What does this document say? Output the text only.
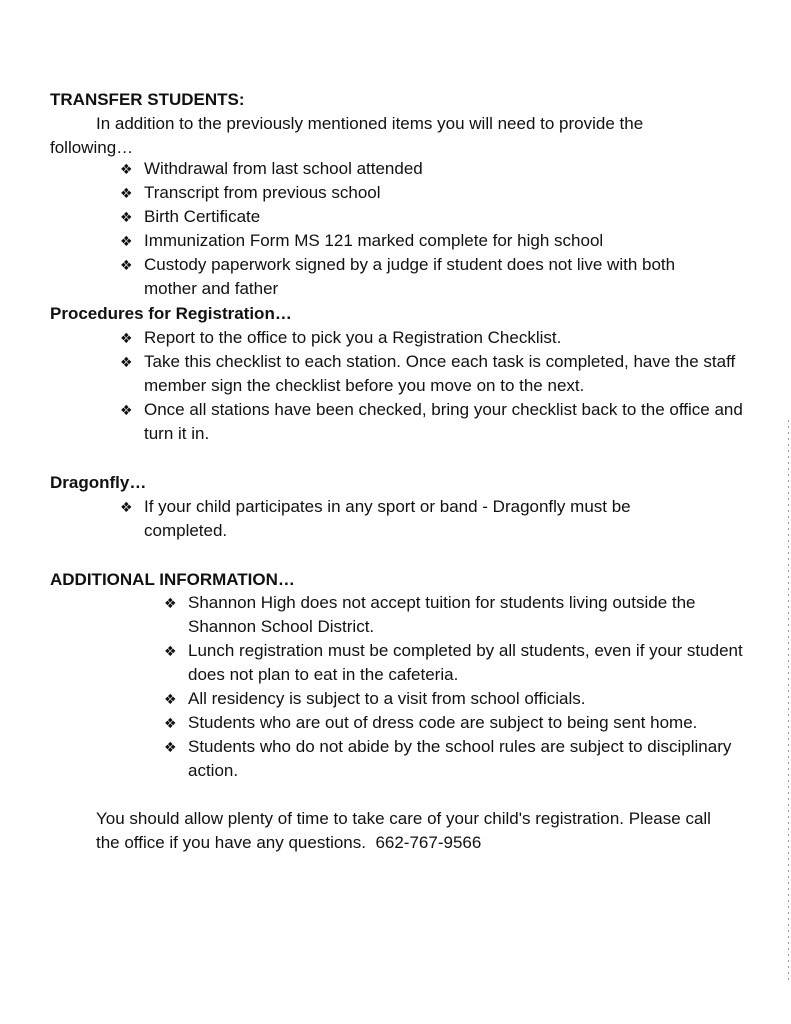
TRANSFER STUDENTS:
In addition to the previously mentioned items you will need to provide the following…
❖ Withdrawal from last school attended
❖ Transcript from previous school
❖ Birth Certificate
❖ Immunization Form MS 121 marked complete for high school
❖ Custody paperwork signed by a judge if student does not live with both mother and father
Procedures for Registration…
❖ Report to the office to pick you a Registration Checklist.
❖ Take this checklist to each station. Once each task is completed, have the staff member sign the checklist before you move on to the next.
❖ Once all stations have been checked, bring your checklist back to the office and turn it in.
Dragonfly…
❖ If your child participates in any sport or band - Dragonfly must be completed.
ADDITIONAL INFORMATION…
❖ Shannon High does not accept tuition for students living outside the Shannon School District.
❖ Lunch registration must be completed by all students, even if your student does not plan to eat in the cafeteria.
❖ All residency is subject to a visit from school officials.
❖ Students who are out of dress code are subject to being sent home.
❖ Students who do not abide by the school rules are subject to disciplinary action.
You should allow plenty of time to take care of your child's registration. Please call the office if you have any questions. 662-767-9566
